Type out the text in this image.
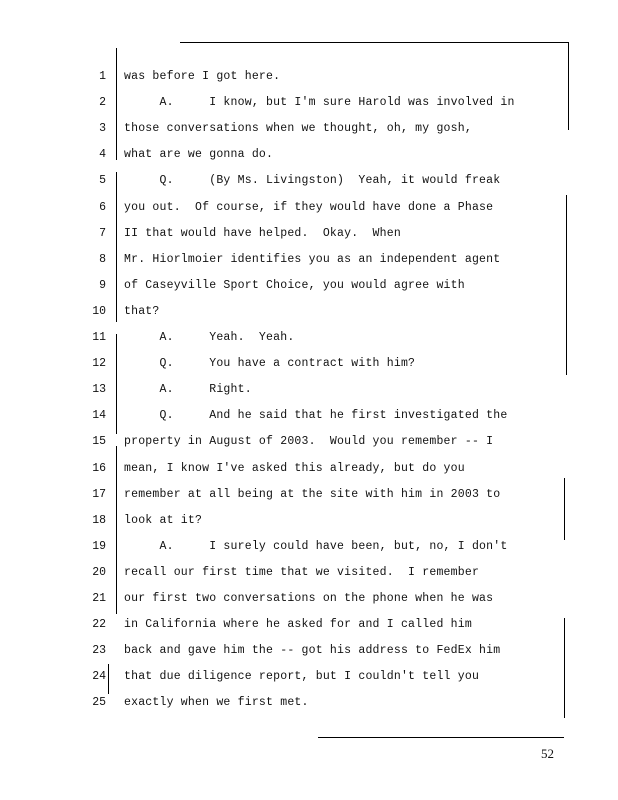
1 was before I got here.
2 A.     I know, but I'm sure Harold was involved in
3 those conversations when we thought, oh, my gosh,
4 what are we gonna do.
5 Q.     (By Ms. Livingston)  Yeah, it would freak
6 you out.  Of course, if they would have done a Phase
7 II that would have helped.  Okay.  When
8 Mr. Hiorlmoier identifies you as an independent agent
9 of Caseyville Sport Choice, you would agree with
10 that?
11 A.     Yeah.  Yeah.
12 Q.     You have a contract with him?
13 A.     Right.
14 Q.     And he said that he first investigated the
15 property in August of 2003.  Would you remember -- I
16 mean, I know I've asked this already, but do you
17 remember at all being at the site with him in 2003 to
18 look at it?
19 A.     I surely could have been, but, no, I don't
20 recall our first time that we visited.  I remember
21 our first two conversations on the phone when he was
22 in California where he asked for and I called him
23 back and gave him the -- got his address to FedEx him
24 that due diligence report, but I couldn't tell you
25 exactly when we first met.
52
